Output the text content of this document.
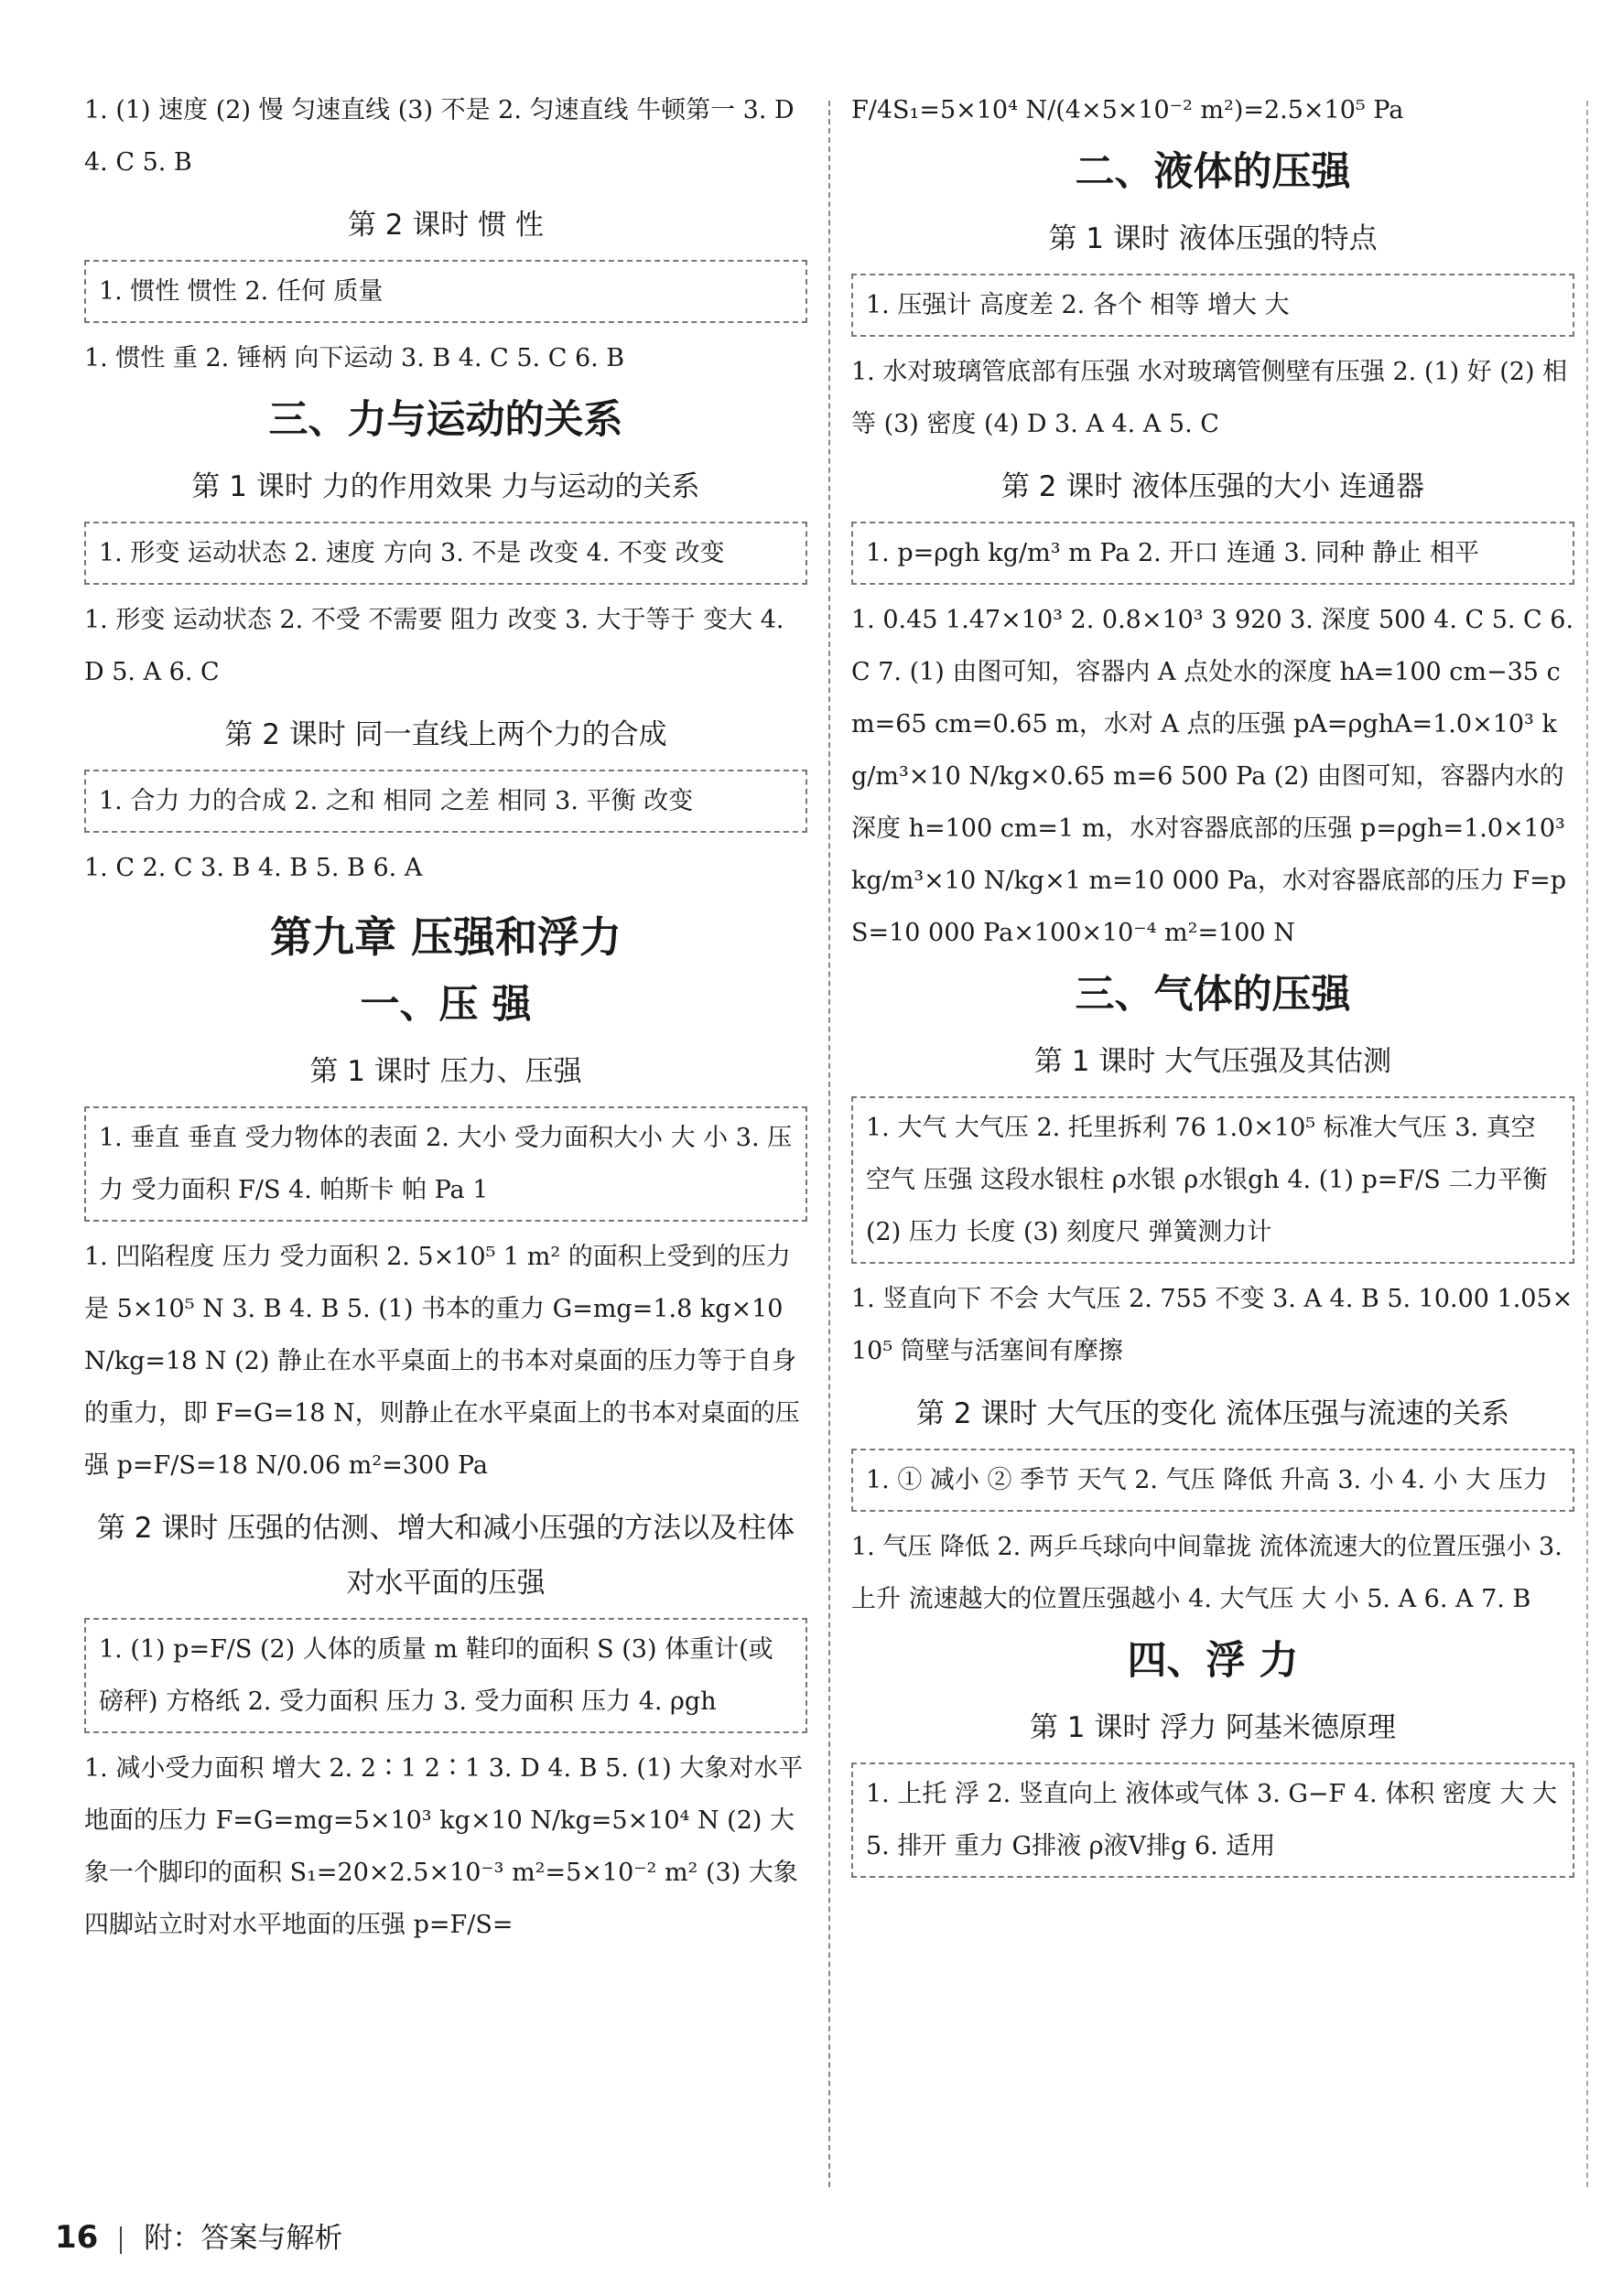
1. (1) 速度 (2) 慢 匀速直线 (3) 不是 2. 匀速直线 牛顿第一 3. D 4. C 5. B

第 2 课时 惯 性

1. 惯性 惯性 2. 任何 质量

1. 惯性 重 2. 锤柄 向下运动 3. B 4. C 5. C 6. B

三、力与运动的关系
第 1 课时 力的作用效果 力与运动的关系

1. 形变 运动状态 2. 速度 方向 3. 不是 改变 4. 不变 改变

1. 形变 运动状态 2. 不受 不需要 阻力 改变 3. 大于等于 变大 4. D 5. A 6. C

第 2 课时 同一直线上两个力的合成

1. 合力 力的合成 2. 之和 相同 之差 相同 3. 平衡 改变

1. C 2. C 3. B 4. B 5. B 6. A

第九章 压强和浮力
一、压 强
第 1 课时 压力、压强

1. 垂直 垂直 受力物体的表面 2. 大小 受力面积大小 大 小 3. 压力 受力面积 F/S 4. 帕斯卡 帕 Pa 1

1. 凹陷程度 压力 受力面积 2. 5×10⁵ 1 m² 的面积上受到的压力是 5×10⁵ N 3. B 4. B 5. (1) 书本的重力 G=mg=1.8 kg×10 N/kg=18 N (2) 静止在水平桌面上的书本对桌面的压力等于自身的重力，即 F=G=18 N，则静止在水平桌面上的书本对桌面的压强 p=F/S=18 N/0.06 m²=300 Pa

第 2 课时 压强的估测、增大和减小压强的方法以及柱体对水平面的压强

1. (1) p=F/S (2) 人体的质量 m 鞋印的面积 S (3) 体重计(或磅秤) 方格纸 2. 受力面积 压力 3. 受力面积 压力 4. ρgh

1. 减小受力面积 增大 2. 2∶1 2∶1 3. D 4. B 5. (1) 大象对水平地面的压力 F=G=mg=5×10³ kg×10 N/kg=5×10⁴ N (2) 大象一个脚印的面积 S₁=20×2.5×10⁻³ m²=5×10⁻² m² (3) 大象四脚站立时对水平地面的压强 p=F/S=

F/4S₁=5×10⁴ N/(4×5×10⁻² m²)=2.5×10⁵ Pa

二、液体的压强
第 1 课时 液体压强的特点

1. 压强计 高度差 2. 各个 相等 增大 大

1. 水对玻璃管底部有压强 水对玻璃管侧壁有压强 2. (1) 好 (2) 相等 (3) 密度 (4) D 3. A 4. A 5. C

第 2 课时 液体压强的大小 连通器

1. p=ρgh kg/m³ m Pa 2. 开口 连通 3. 同种 静止 相平

1. 0.45 1.47×10³ 2. 0.8×10³ 3 920 3. 深度 500 4. C 5. C 6. C 7. (1) 由图可知，容器内 A 点处水的深度 hA=100 cm−35 cm=65 cm=0.65 m，水对 A 点的压强 pA=ρghA=1.0×10³ kg/m³×10 N/kg×0.65 m=6 500 Pa (2) 由图可知，容器内水的深度 h=100 cm=1 m，水对容器底部的压强 p=ρgh=1.0×10³ kg/m³×10 N/kg×1 m=10 000 Pa，水对容器底部的压力 F=pS=10 000 Pa×100×10⁻⁴ m²=100 N

三、气体的压强
第 1 课时 大气压强及其估测

1. 大气 大气压 2. 托里拆利 76 1.0×10⁵ 标准大气压 3. 真空 空气 压强 这段水银柱 ρ水银 ρ水银gh 4. (1) p=F/S 二力平衡 (2) 压力 长度 (3) 刻度尺 弹簧测力计

1. 竖直向下 不会 大气压 2. 755 不变 3. A 4. B 5. 10.00 1.05×10⁵ 筒壁与活塞间有摩擦

第 2 课时 大气压的变化 流体压强与流速的关系

1. ① 减小 ② 季节 天气 2. 气压 降低 升高 3. 小 4. 小 大 压力

1. 气压 降低 2. 两乒乓球向中间靠拢 流体流速大的位置压强小 3. 上升 流速越大的位置压强越小 4. 大气压 大 小 5. A 6. A 7. B

四、浮 力
第 1 课时 浮力 阿基米德原理

1. 上托 浮 2. 竖直向上 液体或气体 3. G−F 4. 体积 密度 大 大 5. 排开 重力 G排液 ρ液V排g 6. 适用

16 附：答案与解析
